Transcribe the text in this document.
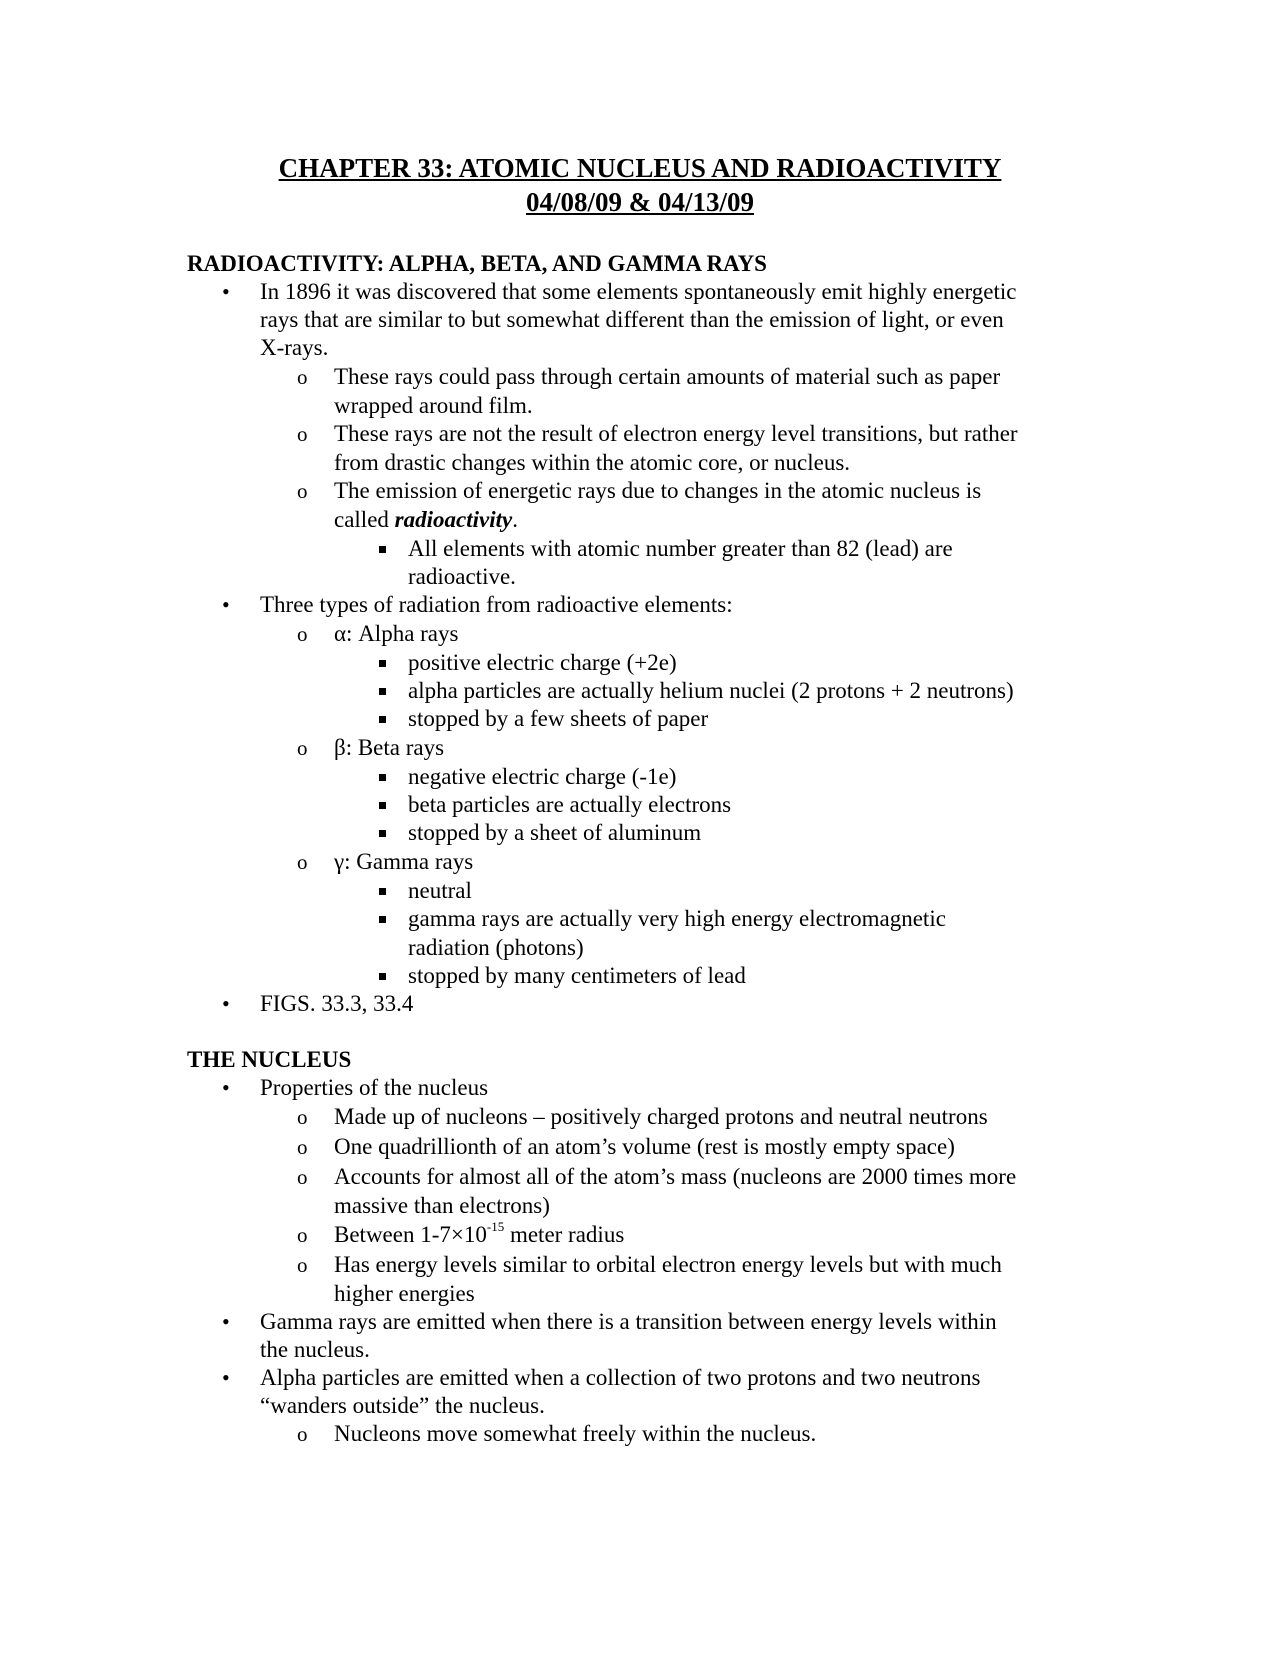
CHAPTER 33: ATOMIC NUCLEUS AND RADIOACTIVITY
04/08/09 & 04/13/09
RADIOACTIVITY: ALPHA, BETA, AND GAMMA RAYS
• In 1896 it was discovered that some elements spontaneously emit highly energetic
rays that are similar to but somewhat different than the emission of light, or even
X-rays.
o These rays could pass through certain amounts of material such as paper
wrapped around film.
o These rays are not the result of electron energy level transitions, but rather
from drastic changes within the atomic core, or nucleus.
o The emission of energetic rays due to changes in the atomic nucleus is
called radioactivity.
All elements with atomic number greater than 82 (lead) are
radioactive.
• Three types of radiation from radioactive elements:
o α: Alpha rays
positive electric charge (+2e)
alpha particles are actually helium nuclei (2 protons + 2 neutrons)
stopped by a few sheets of paper
o β: Beta rays
negative electric charge (-1e)
beta particles are actually electrons
stopped by a sheet of aluminum
o γ: Gamma rays
neutral
gamma rays are actually very high energy electromagnetic
radiation (photons)
stopped by many centimeters of lead
• FIGS. 33.3, 33.4
THE NUCLEUS
• Properties of the nucleus
o Made up of nucleons – positively charged protons and neutral neutrons
o One quadrillionth of an atom’s volume (rest is mostly empty space)
o Accounts for almost all of the atom’s mass (nucleons are 2000 times more
massive than electrons)
o Between $1-7\times 10^{-15}$ meter radius
o Has energy levels similar to orbital electron energy levels but with much
higher energies
• Gamma rays are emitted when there is a transition between energy levels within
the nucleus.
• Alpha particles are emitted when a collection of two protons and two neutrons
“wanders outside” the nucleus.
o Nucleons move somewhat freely within the nucleus.
